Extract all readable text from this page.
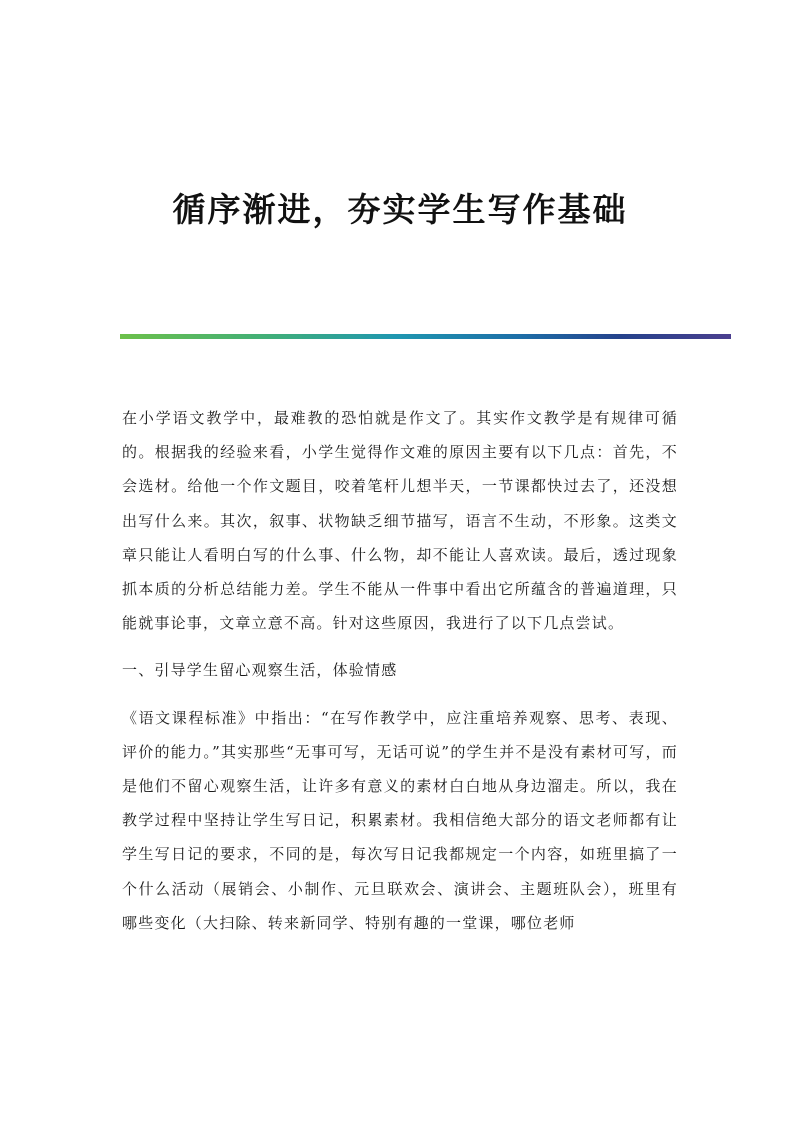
循序渐进，夯实学生写作基础

在小学语文教学中，最难教的恐怕就是作文了。其实作文教学是有规律可循的。根据我的经验来看，小学生觉得作文难的原因主要有以下几点：首先，不会选材。给他一个作文题目，咬着笔杆儿想半天，一节课都快过去了，还没想出写什么来。其次，叙事、状物缺乏细节描写，语言不生动，不形象。这类文章只能让人看明白写的什么事、什么物，却不能让人喜欢读。最后，透过现象抓本质的分析总结能力差。学生不能从一件事中看出它所蕴含的普遍道理，只能就事论事，文章立意不高。针对这些原因，我进行了以下几点尝试。

一、引导学生留心观察生活，体验情感

《语文课程标准》中指出：“在写作教学中，应注重培养观察、思考、表现、评价的能力。”其实那些“无事可写，无话可说”的学生并不是没有素材可写，而是他们不留心观察生活，让许多有意义的素材白白地从身边溜走。所以，我在教学过程中坚持让学生写日记，积累素材。我相信绝大部分的语文老师都有让学生写日记的要求，不同的是，每次写日记我都规定一个内容，如班里搞了一个什么活动（展销会、小制作、元旦联欢会、演讲会、主题班队会），班里有哪些变化（大扫除、转来新同学、特别有趣的一堂课，哪位老师
